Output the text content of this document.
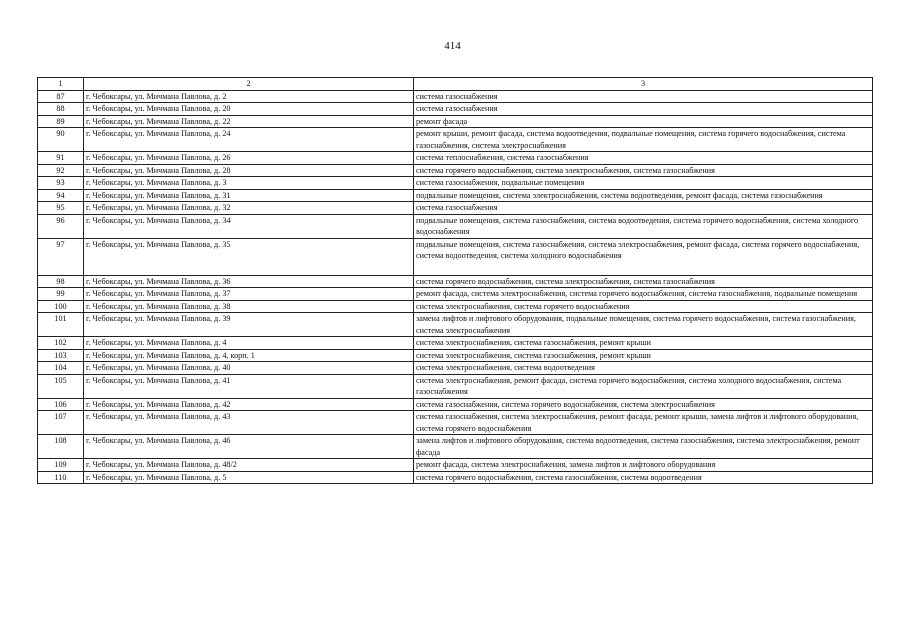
414
1	2	3
87	г. Чебоксары, ул. Мичмана Павлова, д. 2	система газоснабжения
88	г. Чебоксары, ул. Мичмана Павлова, д. 20	система газоснабжения
89	г. Чебоксары, ул. Мичмана Павлова, д. 22	ремонт фасада
90	г. Чебоксары, ул. Мичмана Павлова, д. 24	ремонт крыши, ремонт фасада, система водоотведения, подвальные помещения, система горячего водоснабжения, система газоснабжения, система электроснабжения
91	г. Чебоксары, ул. Мичмана Павлова, д. 26	система теплоснабжения, система газоснабжения
92	г. Чебоксары, ул. Мичмана Павлова, д. 28	система горячего водоснабжения, система электроснабжения, система газоснабжения
93	г. Чебоксары, ул. Мичмана Павлова, д. 3	система газоснабжения, подвальные помещения
94	г. Чебоксары, ул. Мичмана Павлова, д. 31	подвальные помещения, система электроснабжения, система водоотведения, ремонт фасада, система газоснабжения
95	г. Чебоксары, ул. Мичмана Павлова, д. 32	система газоснабжения
96	г. Чебоксары, ул. Мичмана Павлова, д. 34	подвальные помещения, система газоснабжения, система водоотведения, система горячего водоснабжения, система холодного водоснабжения
97	г. Чебоксары, ул. Мичмана Павлова, д. 35	подвальные помещения, система газоснабжения, система электроснабжения, ремонт фасада, система горячего водоснабжения, система водоотведения, система холодного водоснабжения
98	г. Чебоксары, ул. Мичмана Павлова, д. 36	система горячего водоснабжения, система электроснабжения, система газоснабжения
99	г. Чебоксары, ул. Мичмана Павлова, д. 37	ремонт фасада, система электроснабжения, система горячего водоснабжения, система газоснабжения, подвальные помещения
100	г. Чебоксары, ул. Мичмана Павлова, д. 38	система электроснабжения, система горячего водоснабжения
101	г. Чебоксары, ул. Мичмана Павлова, д. 39	замена лифтов и лифтового оборудования, подвальные помещения, система горячего водоснабжения, система газоснабжения, система электроснабжения
102	г. Чебоксары, ул. Мичмана Павлова, д. 4	система электроснабжения, система газоснабжения, ремонт крыши
103	г. Чебоксары, ул. Мичмана Павлова, д. 4, корп. 1	система электроснабжения, система газоснабжения, ремонт крыши
104	г. Чебоксары, ул. Мичмана Павлова, д. 40	система электроснабжения, система водоотведения
105	г. Чебоксары, ул. Мичмана Павлова, д. 41	система электроснабжения, ремонт фасада, система горячего водоснабжения, система холодного водоснабжения, система газоснабжения
106	г. Чебоксары, ул. Мичмана Павлова, д. 42	система газоснабжения, система горячего водоснабжения, система электроснабжения
107	г. Чебоксары, ул. Мичмана Павлова, д. 43	система газоснабжения, система электроснабжения, ремонт фасада, ремонт крыши, замена лифтов и лифтового оборудования, система горячего водоснабжения
108	г. Чебоксары, ул. Мичмана Павлова, д. 46	замена лифтов и лифтового оборудования, система водоотведения, система газоснабжения, система электроснабжения, ремонт фасада
109	г. Чебоксары, ул. Мичмана Павлова, д. 48/2	ремонт фасада, система электроснабжения, замена лифтов и лифтового оборудования
110	г. Чебоксары, ул. Мичмана Павлова, д. 5	система горячего водоснабжения, система газоснабжения, система водоотведения
